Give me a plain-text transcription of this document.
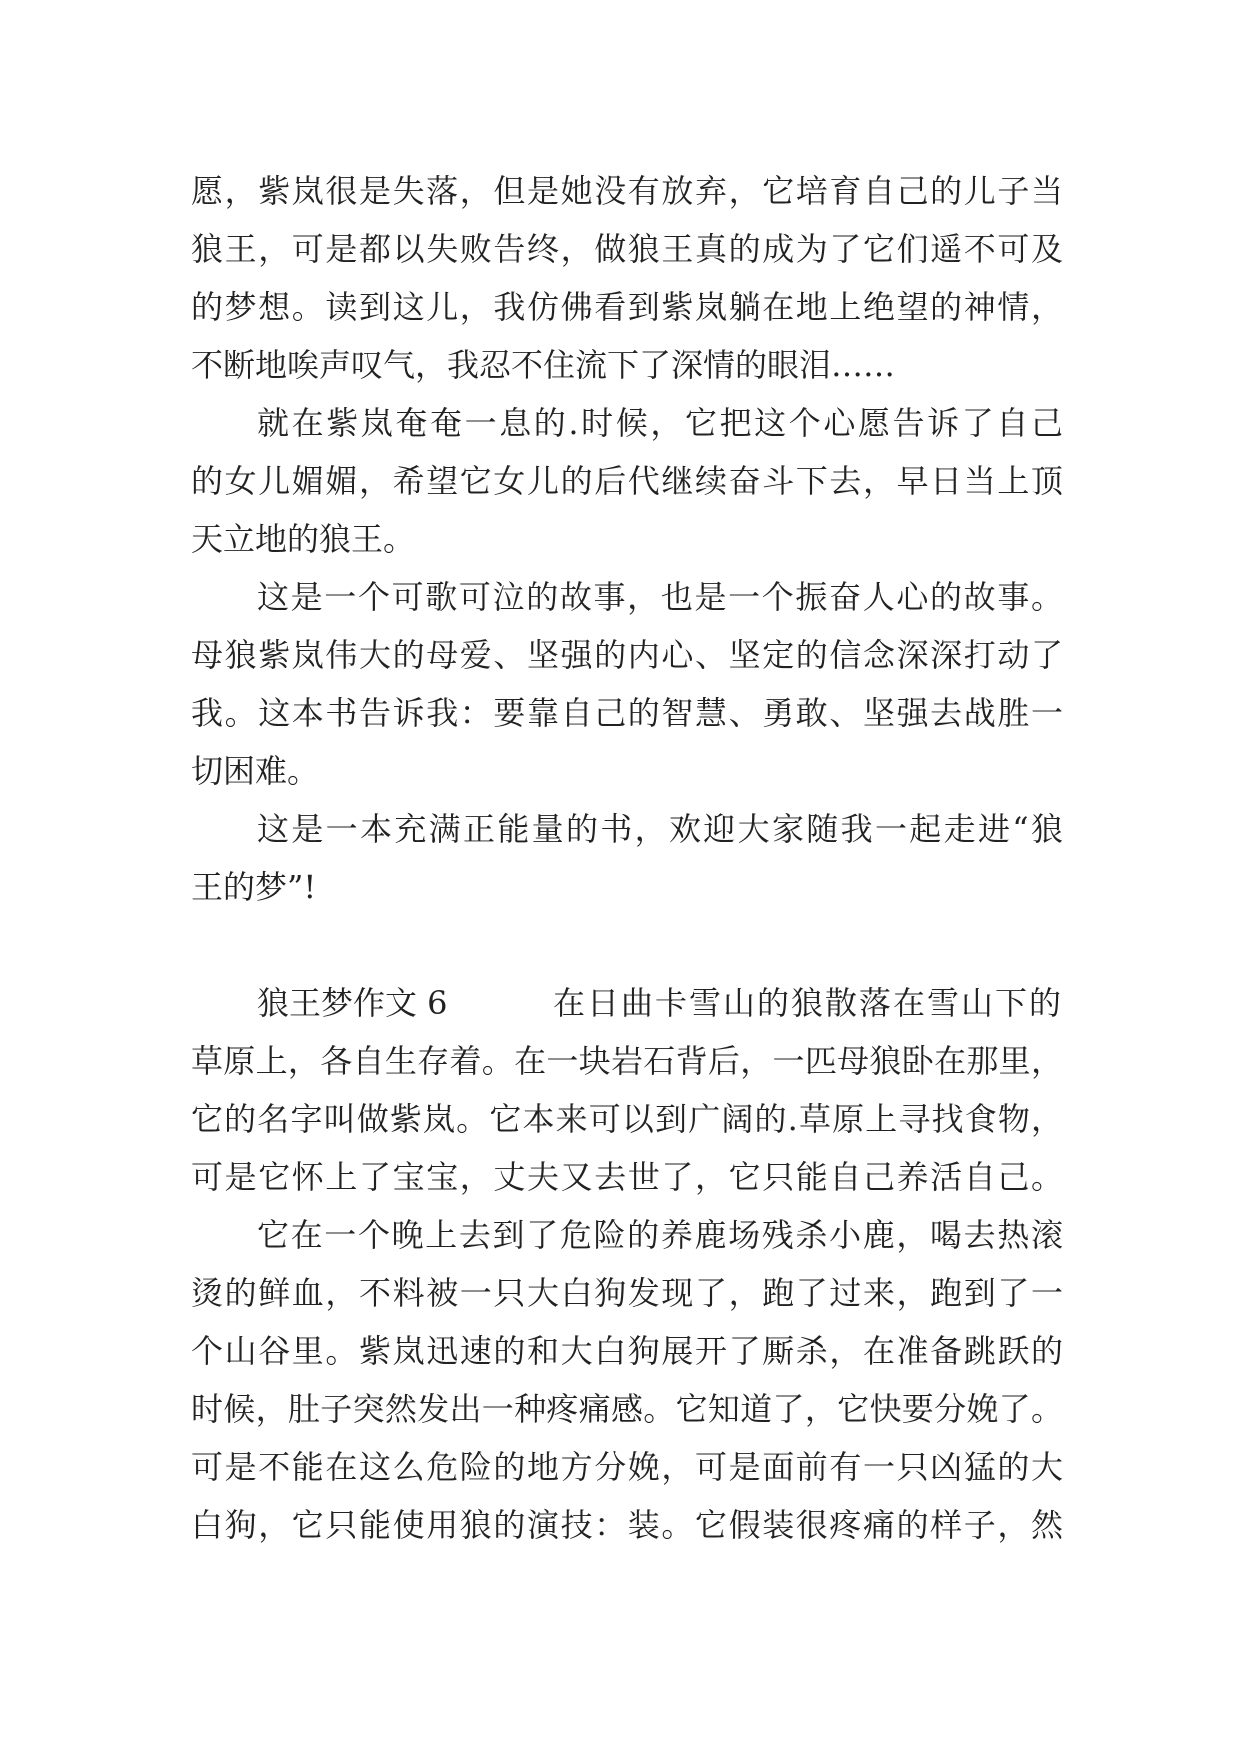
愿，紫岚很是失落，但是她没有放弃，它培育自己的儿子当
狼王，可是都以失败告终，做狼王真的成为了它们遥不可及
的梦想。读到这儿，我仿佛看到紫岚躺在地上绝望的神情，
不断地唉声叹气，我忍不住流下了深情的眼泪……
就在紫岚奄奄一息的.时候，它把这个心愿告诉了自己
的女儿媚媚，希望它女儿的后代继续奋斗下去，早日当上顶
天立地的狼王。
这是一个可歌可泣的故事，也是一个振奋人心的故事。
母狼紫岚伟大的母爱、坚强的内心、坚定的信念深深打动了
我。这本书告诉我：要靠自己的智慧、勇敢、坚强去战胜一
切困难。
这是一本充满正能量的书，欢迎大家随我一起走进“狼
王的梦”!
狼王梦作文 6	在日曲卡雪山的狼散落在雪山下的
草原上，各自生存着。在一块岩石背后，一匹母狼卧在那里，
它的名字叫做紫岚。它本来可以到广阔的.草原上寻找食物，
可是它怀上了宝宝，丈夫又去世了，它只能自己养活自己。
它在一个晚上去到了危险的养鹿场残杀小鹿，喝去热滚
烫的鲜血，不料被一只大白狗发现了，跑了过来，跑到了一
个山谷里。紫岚迅速的和大白狗展开了厮杀，在准备跳跃的
时候，肚子突然发出一种疼痛感。它知道了，它快要分娩了。
可是不能在这么危险的地方分娩，可是面前有一只凶猛的大
白狗，它只能使用狼的演技：装。它假装很疼痛的样子，然
